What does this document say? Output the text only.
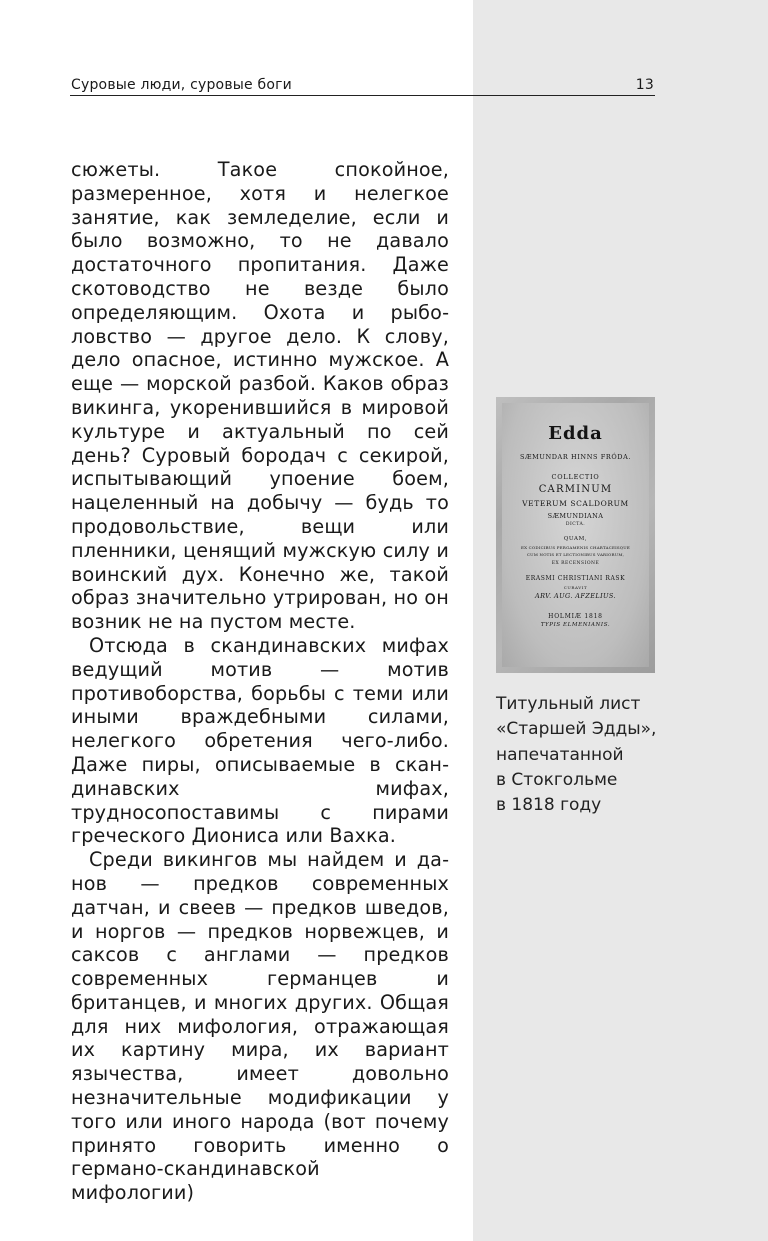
Суровые люди, суровые боги	13

сюжеты. Такое спокойное, размеренное, хотя и нелегкое занятие, как земледелие, если и было возможно, то не давало достаточного пропитания. Даже скотоводство не везде было определяющим. Охота и рыболовство — другое дело. К слову, дело опасное, истинно мужское. А еще — морской разбой. Каков образ викинга, укоренившийся в мировой культуре и актуальный по сей день? Суровый бородач с секирой, испытывающий упоение боем, нацеленный на добычу — будь то продовольствие, вещи или пленники, ценящий мужскую силу и воинский дух. Конечно же, такой образ значительно утрирован, но он возник не на пустом месте.

Отсюда в скандинавских мифах ведущий мотив — мотив противоборства, борьбы с теми или иными враждебными силами, нелегкого обретения чего-либо. Даже пиры, описываемые в скандинавских мифах, трудносопоставимы с пирами греческого Диониса или Вахка.

Среди викингов мы найдем и данов — предков современных датчан, и свеев — предков шведов, и норгов — предков норвежцев, и саксов с англами — предков современных германцев и британцев, и многих других. Общая для них мифология, отражающая их картину мира, их вариант язычества, имеет довольно незначительные модификации у того или иного народа (вот почему принято говорить именно о германо-скандинавской мифологии)

Edda
SÆMUNDAR HINNS FRÓDA.
COLLECTIO
CARMINUM
VETERUM SCALDORUM
SÆMUNDIANA
DICTA.
QUAM,
EX CODICIBUS PERGAMENIS CHARTACEISQUE
CUM NOTIS ET LECTIONIBUS VARIORUM,
EX RECENSIONE
ERASMI CHRISTIANI RASK
CURAVIT
ARV. AUG. AFZELIUS.
HOLMIÆ 1818
TYPIS ELMENIANIS.
Титульный лист
«Старшей Эдды»,
напечатанной
в Стокгольме
в 1818 году
